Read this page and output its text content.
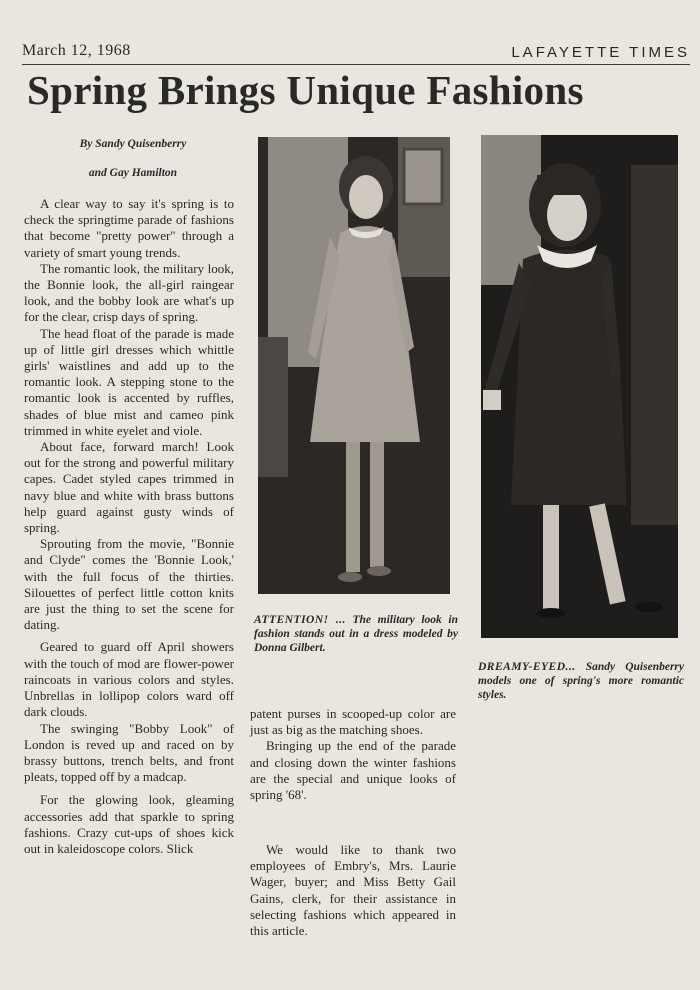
March 12, 1968	LAFAYETTE TIMES
Spring Brings Unique Fashions
By Sandy Quisenberry
and Gay Hamilton

A clear way to say it's spring is to check the springtime parade of fashions that become "pretty power" through a variety of smart young trends.

The romantic look, the military look, the Bonnie look, the all-girl raingear look, and the bobby look are what's up for the clear, crisp days of spring.

The head float of the parade is made up of little girl dresses which whittle girls' waistlines and add up to the romantic look. A stepping stone to the romantic look is accented by ruffles, shades of blue mist and cameo pink trimmed in white eyelet and viole.

About face, forward march! Look out for the strong and powerful military capes. Cadet styled capes trimmed in navy blue and white with brass buttons help guard against gusty winds of spring.

Sprouting from the movie, "Bonnie and Clyde" comes the 'Bonnie Look,' with the full focus of the thirties. Silouettes of perfect little cotton knits are just the thing to set the scene for dating.

Geared to guard off April showers with the touch of mod are flower-power raincoats in various colors and styles. Unbrellas in lollipop colors ward off dark clouds.

The swinging "Bobby Look" of London is reved up and raced on by brassy buttons, trench belts, and front pleats, topped off by a madcap.

For the glowing look, gleaming accessories add that sparkle to spring fashions. Crazy cut-ups of shoes kick out in kaleidoscope colors. Slick

ATTENTION! ... The military look in fashion stands out in a dress modeled by Donna Gilbert.
DREAMY-EYED... Sandy Quisenberry models one of spring's more romantic styles.

patent purses in scooped-up color are just as big as the matching shoes.

Bringing up the end of the parade and closing down the winter fashions are the special and unique looks of spring '68'.

We would like to thank two employees of Embry's, Mrs. Laurie Wager, buyer; and Miss Betty Gail Gains, clerk, for their assistance in selecting fashions which appeared in this article.
